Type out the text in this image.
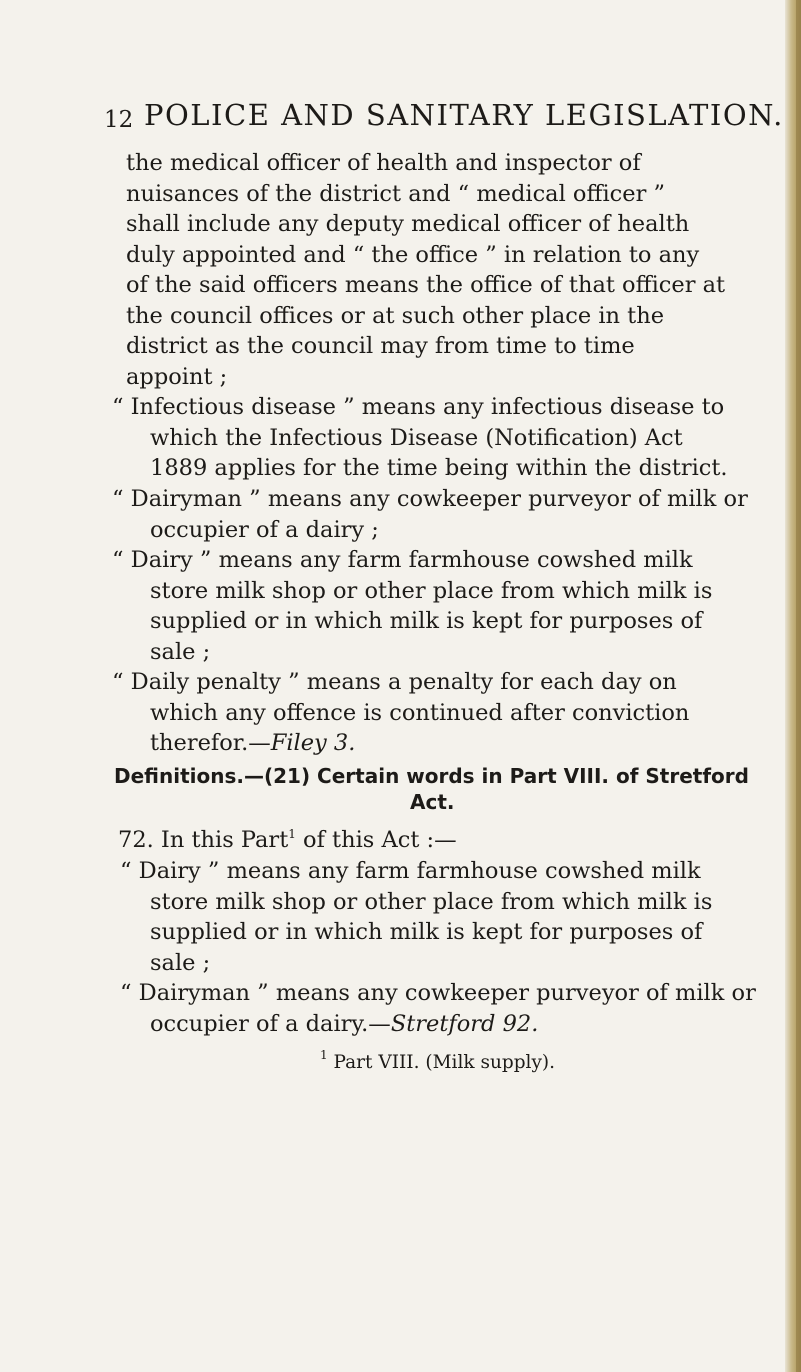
12 POLICE AND SANITARY LEGISLATION.
the medical officer of health and inspector of
nuisances of the district and “ medical officer ”
shall include any deputy medical officer of health
duly appointed and “ the office ” in relation to any
of the said officers means the office of that officer at
the council offices or at such other place in the
district as the council may from time to time
appoint ;
“ Infectious disease ” means any infectious disease to
which the Infectious Disease (Notification) Act
1889 applies for the time being within the district.
“ Dairyman ” means any cowkeeper purveyor of milk or
occupier of a dairy ;
“ Dairy ” means any farm farmhouse cowshed milk
store milk shop or other place from which milk is
supplied or in which milk is kept for purposes of
sale ;
“ Daily penalty ” means a penalty for each day on
which any offence is continued after conviction
therefor.—Filey 3.
Definitions.—(21) Certain words in Part VIII. of Stretford
Act.
72. In this Part$^1$ of this Act :—
“ Dairy ” means any farm farmhouse cowshed milk
store milk shop or other place from which milk is
supplied or in which milk is kept for purposes of
sale ;
“ Dairyman ” means any cowkeeper purveyor of milk or
occupier of a dairy.—Stretford 92.
$^1$ Part VIII. (Milk supply).
